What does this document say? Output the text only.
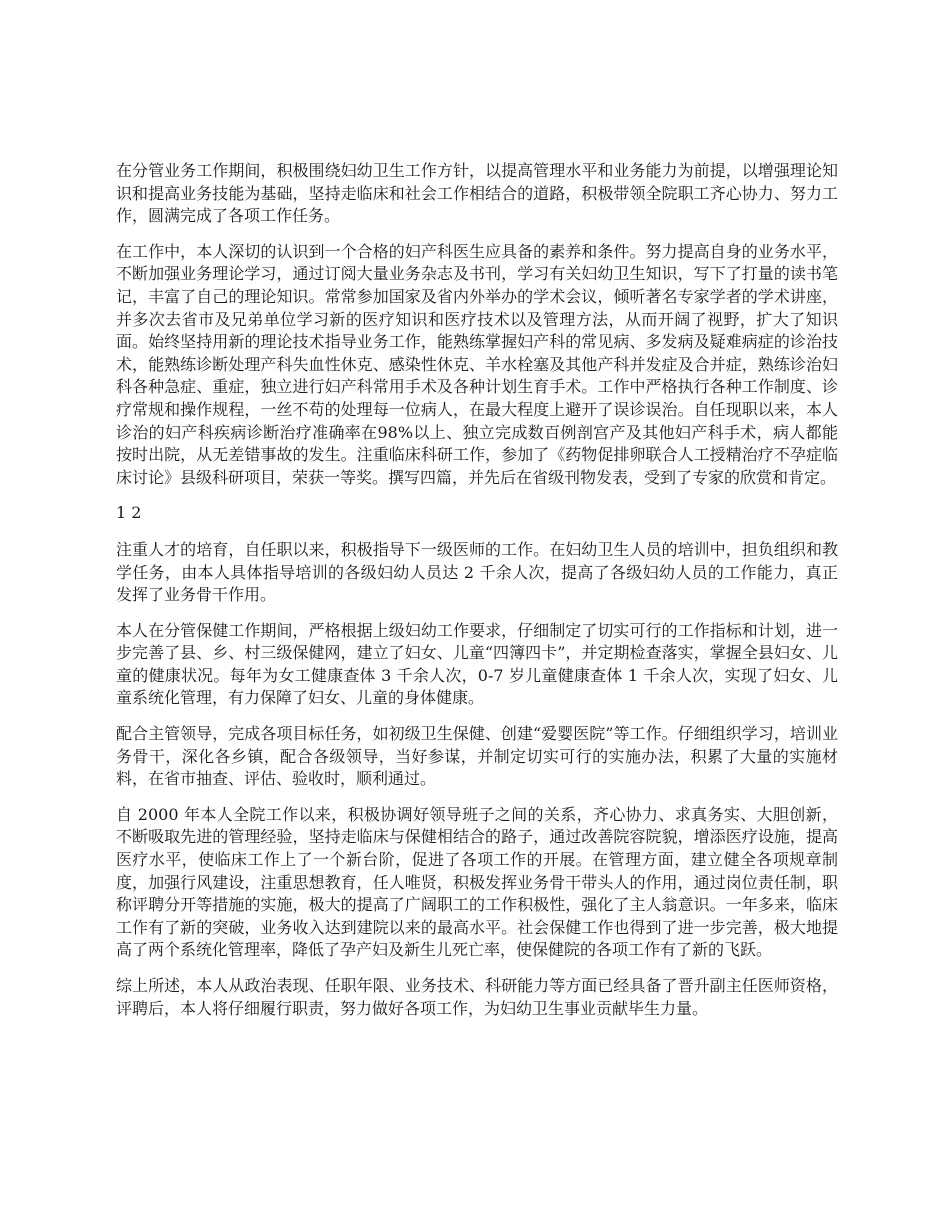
在分管业务工作期间，积极围绕妇幼卫生工作方针，以提高管理水平和业务能力为前提，以增强理论知识和提高业务技能为基础，坚持走临床和社会工作相结合的道路，积极带领全院职工齐心协力、努力工作，圆满完成了各项工作任务。

在工作中，本人深切的认识到一个合格的妇产科医生应具备的素养和条件。努力提高自身的业务水平，不断加强业务理论学习，通过订阅大量业务杂志及书刊，学习有关妇幼卫生知识，写下了打量的读书笔记，丰富了自己的理论知识。常常参加国家及省内外举办的学术会议，倾听著名专家学者的学术讲座，并多次去省市及兄弟单位学习新的医疗知识和医疗技术以及管理方法，从而开阔了视野，扩大了知识面。始终坚持用新的理论技术指导业务工作，能熟练掌握妇产科的常见病、多发病及疑难病症的诊治技术，能熟练诊断处理产科失血性休克、感染性休克、羊水栓塞及其他产科并发症及合并症，熟练诊治妇科各种急症、重症，独立进行妇产科常用手术及各种计划生育手术。工作中严格执行各种工作制度、诊疗常规和操作规程，一丝不苟的处理每一位病人，在最大程度上避开了误诊误治。自任现职以来，本人诊治的妇产科疾病诊断治疗准确率在98%以上、独立完成数百例剖宫产及其他妇产科手术，病人都能按时出院，从无差错事故的发生。注重临床科研工作，参加了《药物促排卵联合人工授精治疗不孕症临床讨论》县级科研项目，荣获一等奖。撰写四篇，并先后在省级刊物发表，受到了专家的欣赏和肯定。

1 2

注重人才的培育，自任职以来，积极指导下一级医师的工作。在妇幼卫生人员的培训中，担负组织和教学任务，由本人具体指导培训的各级妇幼人员达 2 千余人次，提高了各级妇幼人员的工作能力，真正发挥了业务骨干作用。

本人在分管保健工作期间，严格根据上级妇幼工作要求，仔细制定了切实可行的工作指标和计划，进一步完善了县、乡、村三级保健网，建立了妇女、儿童“四簿四卡”，并定期检查落实，掌握全县妇女、儿童的健康状况。每年为女工健康查体 3 千余人次，0-7 岁儿童健康查体 1 千余人次，实现了妇女、儿童系统化管理，有力保障了妇女、儿童的身体健康。

配合主管领导，完成各项目标任务，如初级卫生保健、创建“爱婴医院”等工作。仔细组织学习，培训业务骨干，深化各乡镇，配合各级领导，当好参谋，并制定切实可行的实施办法，积累了大量的实施材料，在省市抽查、评估、验收时，顺利通过。

自 2000 年本人全院工作以来，积极协调好领导班子之间的关系，齐心协力、求真务实、大胆创新，不断吸取先进的管理经验，坚持走临床与保健相结合的路子，通过改善院容院貌，增添医疗设施，提高医疗水平，使临床工作上了一个新台阶，促进了各项工作的开展。在管理方面，建立健全各项规章制度，加强行风建设，注重思想教育，任人唯贤，积极发挥业务骨干带头人的作用，通过岗位责任制，职称评聘分开等措施的实施，极大的提高了广阔职工的工作积极性，强化了主人翁意识。一年多来，临床工作有了新的突破，业务收入达到建院以来的最高水平。社会保健工作也得到了进一步完善，极大地提高了两个系统化管理率，降低了孕产妇及新生儿死亡率，使保健院的各项工作有了新的飞跃。

综上所述，本人从政治表现、任职年限、业务技术、科研能力等方面已经具备了晋升副主任医师资格，评聘后，本人将仔细履行职责，努力做好各项工作，为妇幼卫生事业贡献毕生力量。
